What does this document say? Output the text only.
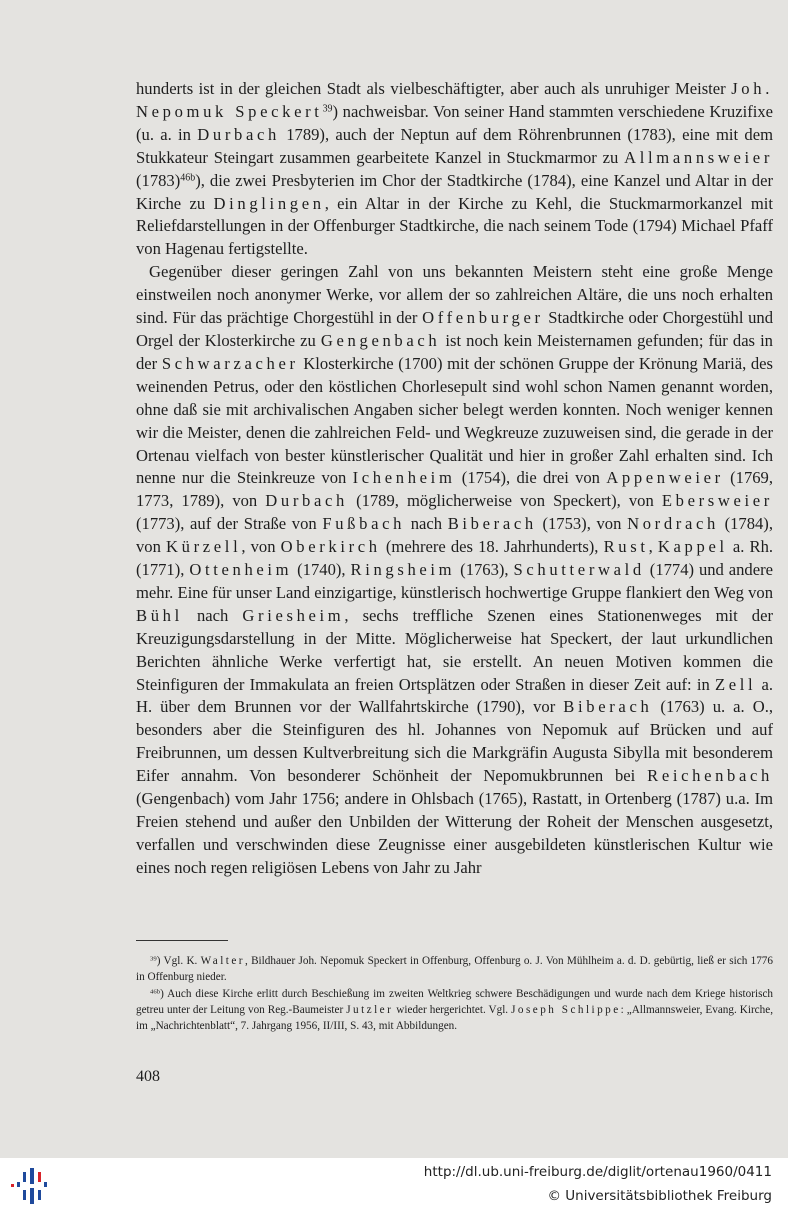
hunderts ist in der gleichen Stadt als vielbeschäftigter, aber auch als unruhiger Meister Joh. Nepomuk Speckert$^{39}$) nachweisbar. Von seiner Hand stammten verschiedene Kruzifixe (u. a. in Durbach 1789), auch der Neptun auf dem Röhrenbrunnen (1783), eine mit dem Stukkateur Steingart zusammen gearbeitete Kanzel in Stuckmarmor zu Allmannsweier $(1783)^{46b}$), die zwei Presbyterien im Chor der Stadtkirche (1784), eine Kanzel und Altar in der Kirche zu Dinglingen, ein Altar in der Kirche zu Kehl, die Stuckmarmorkanzel mit Reliefdarstellungen in der Offenburger Stadtkirche, die nach seinem Tode (1794) Michael Pfaff von Hagenau fertigstellte.

Gegenüber dieser geringen Zahl von uns bekannten Meistern steht eine große Menge einstweilen noch anonymer Werke, vor allem der so zahlreichen Altäre, die uns noch erhalten sind. Für das prächtige Chorgestühl in der Offenburger Stadtkirche oder Chorgestühl und Orgel der Klosterkirche zu Gengenbach ist noch kein Meisternamen gefunden; für das in der Schwarzacher Klosterkirche (1700) mit der schönen Gruppe der Krönung Mariä, des weinenden Petrus, oder den köstlichen Chorlesepult sind wohl schon Namen genannt worden, ohne daß sie mit archivalischen Angaben sicher belegt werden konnten. Noch weniger kennen wir die Meister, denen die zahlreichen Feld- und Wegkreuze zuzuweisen sind, die gerade in der Ortenau vielfach von bester künstlerischer Qualität und hier in großer Zahl erhalten sind. Ich nenne nur die Steinkreuze von Ichenheim (1754), die drei von Appenweier (1769, 1773, 1789), von Durbach (1789, möglicherweise von Speckert), von Ebersweier (1773), auf der Straße von Fußbach nach Biberach (1753), von Nordrach (1784), von Kürzell, von Oberkirch (mehrere des 18. Jahrhunderts), Rust, Kappel a. Rh. (1771), Ottenheim (1740), Ringsheim (1763), Schutterwald (1774) und andere mehr. Eine für unser Land einzigartige, künstlerisch hochwertige Gruppe flankiert den Weg von Bühl nach Griesheim, sechs treffliche Szenen eines Stationenweges mit der Kreuzigungsdarstellung in der Mitte. Möglicherweise hat Speckert, der laut urkundlichen Berichten ähnliche Werke verfertigt hat, sie erstellt. An neuen Motiven kommen die Steinfiguren der Immakulata an freien Ortsplätzen oder Straßen in dieser Zeit auf: in Zell a. H. über dem Brunnen vor der Wallfahrtskirche (1790), vor Biberach (1763) u. a. O., besonders aber die Steinfiguren des hl. Johannes von Nepomuk auf Brücken und auf Freibrunnen, um dessen Kultverbreitung sich die Markgräfin Augusta Sibylla mit besonderem Eifer annahm. Von besonderer Schönheit der Nepomukbrunnen bei Reichenbach (Gengenbach) vom Jahr 1756; andere in Ohlsbach (1765), Rastatt, in Ortenberg (1787) u.a. Im Freien stehend und außer den Unbilden der Witterung der Roheit der Menschen ausgesetzt, verfallen und verschwinden diese Zeugnisse einer ausgebildeten künstlerischen Kultur wie eines noch regen religiösen Lebens von Jahr zu Jahr

$^{39}$) Vgl. K. Walter, Bildhauer Joh. Nepomuk Speckert in Offenburg, Offenburg o. J. Von Mühlheim a. d. D. gebürtig, ließ er sich 1776 in Offenburg nieder.

$^{46b}$) Auch diese Kirche erlitt durch Beschießung im zweiten Weltkrieg schwere Beschädigungen und wurde nach dem Kriege historisch getreu unter der Leitung von Reg.-Baumeister Jutzler wieder hergerichtet. Vgl. Joseph Schlippe: „Allmannsweier, Evang. Kirche, im „Nachrichtenblatt“, 7. Jahrgang 1956, II/III, S. 43, mit Abbildungen.

408
http://dl.ub.uni-freiburg.de/diglit/ortenau1960/0411
© Universitätsbibliothek Freiburg
